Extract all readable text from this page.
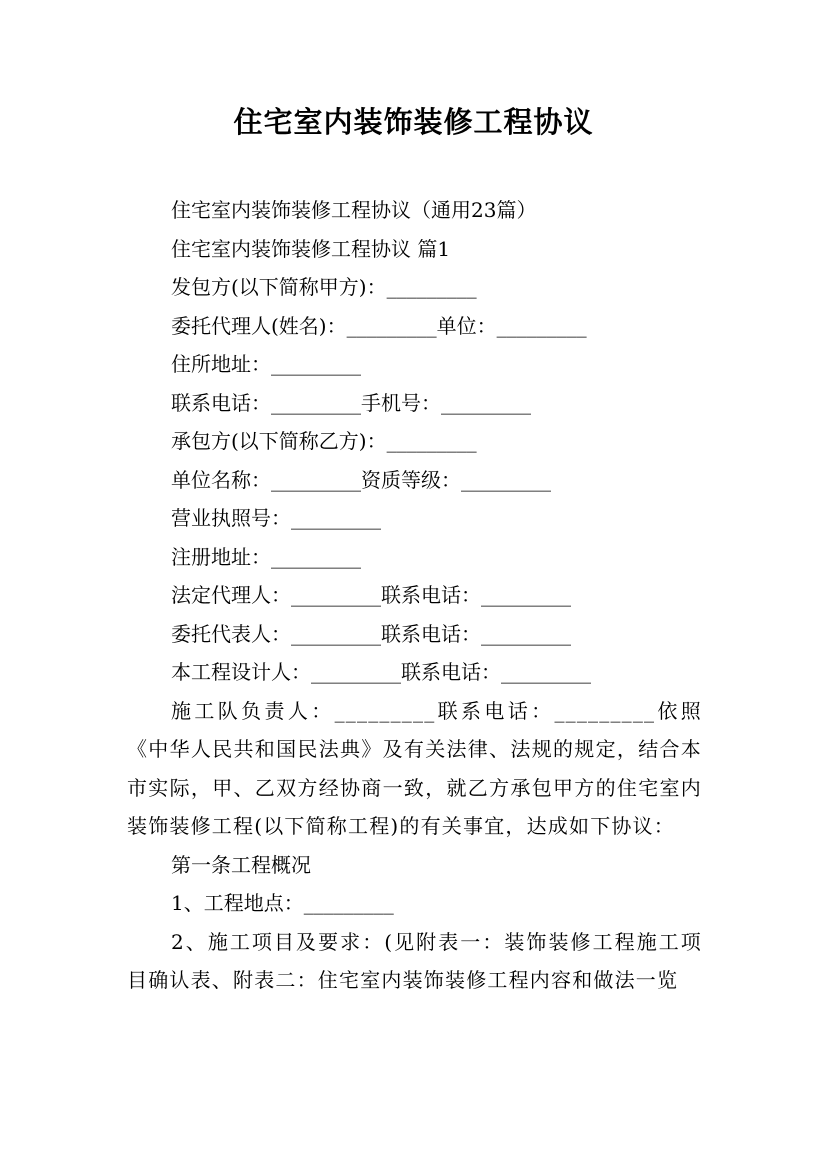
住宅室内装饰装修工程协议

住宅室内装饰装修工程协议（通用23篇）

住宅室内装饰装修工程协议 篇1

发包方(以下简称甲方)：_________

委托代理人(姓名)：_________单位：_________

住所地址：_________

联系电话：_________手机号：_________

承包方(以下简称乙方)：_________

单位名称：_________资质等级：_________

营业执照号：_________

注册地址：_________

法定代理人：_________联系电话：_________

委托代表人：_________联系电话：_________

本工程设计人：_________联系电话：_________

施工队负责人：_________联系电话：_________依照《中华人民共和国民法典》及有关法律、法规的规定，结合本市实际，甲、乙双方经协商一致，就乙方承包甲方的住宅室内装饰装修工程(以下简称工程)的有关事宜，达成如下协议：

第一条工程概况

1、工程地点：_________

2、施工项目及要求：(见附表一：装饰装修工程施工项目确认表、附表二：住宅室内装饰装修工程内容和做法一览
